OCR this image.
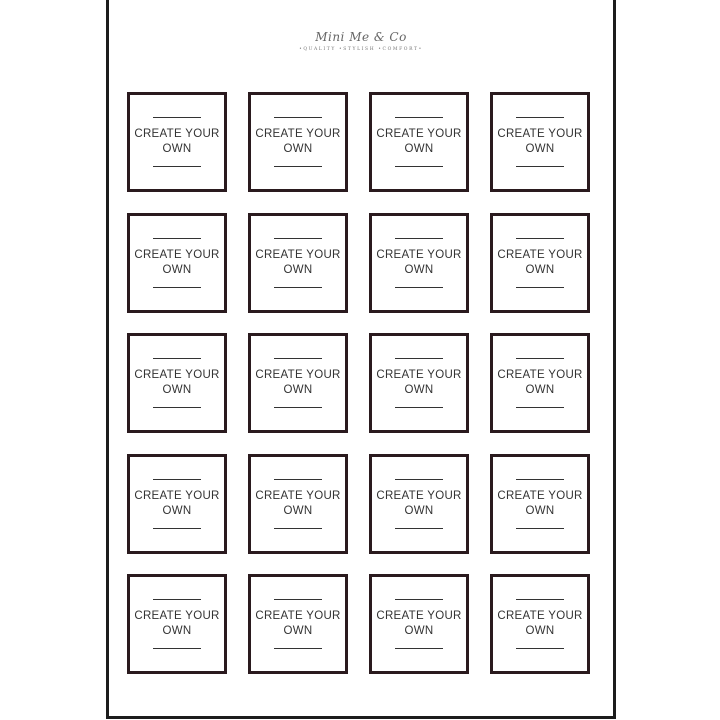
Mini Me & Co
•QUALITY •STYLISH •COMFORT•
CREATE YOUR
OWN
CREATE YOUR
OWN
CREATE YOUR
OWN
CREATE YOUR
OWN
CREATE YOUR
OWN
CREATE YOUR
OWN
CREATE YOUR
OWN
CREATE YOUR
OWN
CREATE YOUR
OWN
CREATE YOUR
OWN
CREATE YOUR
OWN
CREATE YOUR
OWN
CREATE YOUR
OWN
CREATE YOUR
OWN
CREATE YOUR
OWN
CREATE YOUR
OWN
CREATE YOUR
OWN
CREATE YOUR
OWN
CREATE YOUR
OWN
CREATE YOUR
OWN
